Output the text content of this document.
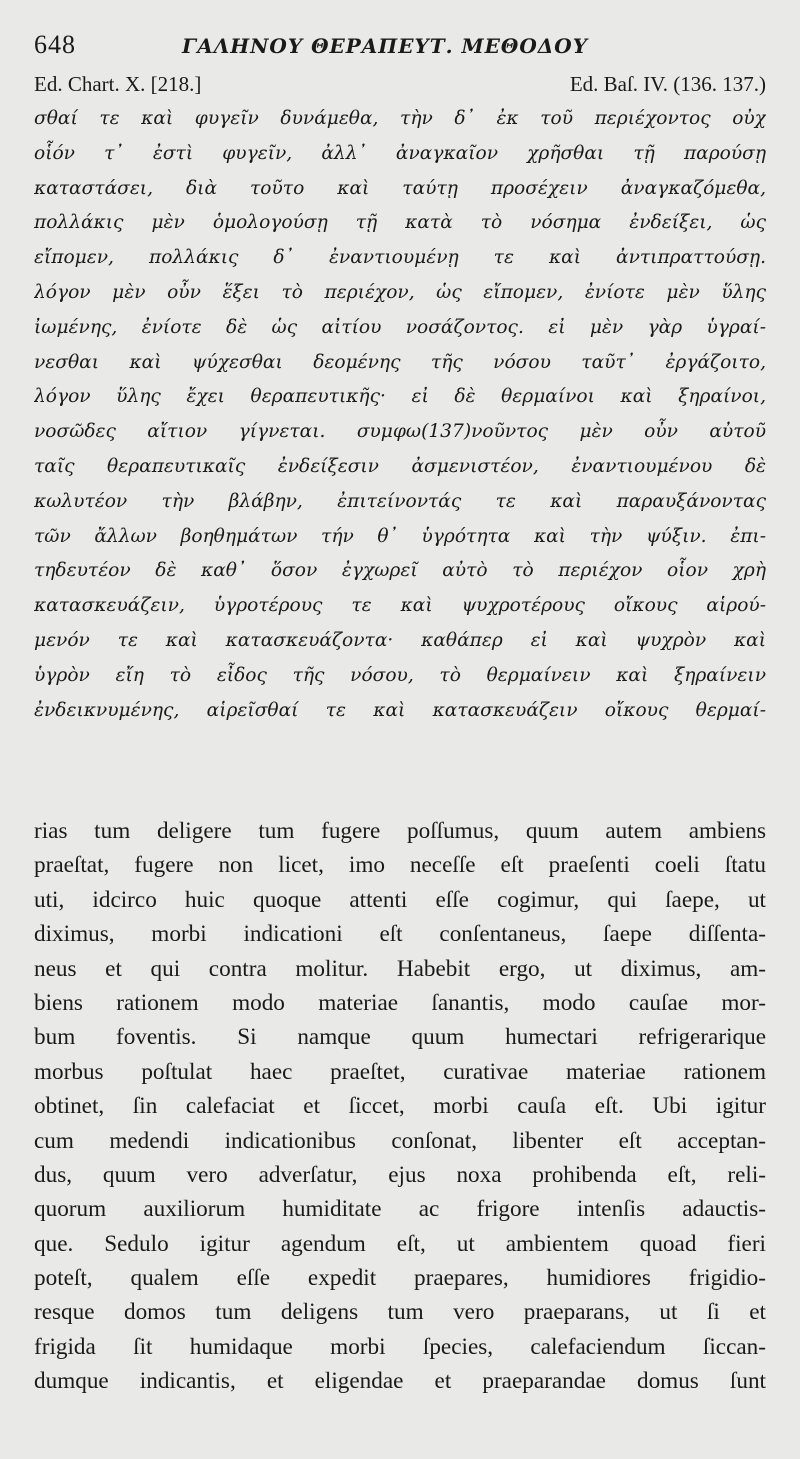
648	ΓΑΛΗΝΟΥ ΘΕΡΑΠΕΥΤ. ΜΕΘΟΔΟΥ
Ed. Chart. X. [218.]	Ed. Baſ. IV. (136. 137.)
σθαί τε καὶ φυγεῖν δυνάμεθα, τὴν δ᾽ ἐκ τοῦ περιέχοντος οὐχ
οἷόν τ᾽ ἐστὶ φυγεῖν, ἀλλ᾽ ἀναγκαῖον χρῆσθαι τῇ παρούσῃ
καταστάσει, διὰ τοῦτο καὶ ταύτῃ προσέχειν ἀναγκαζόμεθα,
πολλάκις μὲν ὁμολογούσῃ τῇ κατὰ τὸ νόσημα ἐνδείξει, ὡς
εἴπομεν, πολλάκις δ᾽ ἐναντιουμένῃ τε καὶ ἀντιπραττούσῃ.
λόγον μὲν οὖν ἕξει τὸ περιέχον, ὡς εἴπομεν, ἐνίοτε μὲν ὕλης
ἰωμένης, ἐνίοτε δὲ ὡς αἰτίου νοσάζοντος. εἰ μὲν γὰρ ὑγραί-
νεσθαι καὶ ψύχεσθαι δεομένης τῆς νόσου ταῦτ᾽ ἐργάζοιτο,
λόγον ὕλης ἔχει θεραπευτικῆς· εἰ δὲ θερμαίνοι καὶ ξηραίνοι,
νοσῶδες αἴτιον γίγνεται. συμφω(137)νοῦντος μὲν οὖν αὐτοῦ
ταῖς θεραπευτικαῖς ἐνδείξεσιν ἀσμενιστέον, ἐναντιουμένου δὲ
κωλυτέον τὴν βλάβην, ἐπιτείνοντάς τε καὶ παραυξάνοντας
τῶν ἄλλων βοηθημάτων τήν θ᾽ ὑγρότητα καὶ τὴν ψύξιν. ἐπι-
τηδευτέον δὲ καθ᾽ ὅσον ἐγχωρεῖ αὐτὸ τὸ περιέχον οἷον χρὴ
κατασκευάζειν, ὑγροτέρους τε καὶ ψυχροτέρους οἴκους αἱρού-
μενόν τε καὶ κατασκευάζοντα· καθάπερ εἰ καὶ ψυχρὸν καὶ
ὑγρὸν εἴη τὸ εἶδος τῆς νόσου, τὸ θερμαίνειν καὶ ξηραίνειν
ἐνδεικνυμένης, αἱρεῖσθαί τε καὶ κατασκευάζειν οἴκους θερμαί-
rias tum deligere tum fugere poſſumus, quum autem ambiens
praeſtat, fugere non licet, imo neceſſe eſt praeſenti coeli ſtatu
uti, idcirco huic quoque attenti eſſe cogimur, qui ſaepe, ut
diximus, morbi indicationi eſt conſentaneus, ſaepe diſſenta-
neus et qui contra molitur. Habebit ergo, ut diximus, am-
biens rationem modo materiae ſanantis, modo cauſae mor-
bum foventis. Si namque quum humectari refrigerarique
morbus poſtulat haec praeſtet, curativae materiae rationem
obtinet, ſin calefaciat et ſiccet, morbi cauſa eſt. Ubi igitur
cum medendi indicationibus conſonat, libenter eſt acceptan-
dus, quum vero adverſatur, ejus noxa prohibenda eſt, reli-
quorum auxiliorum humiditate ac frigore intenſis adauctis-
que. Sedulo igitur agendum eſt, ut ambientem quoad fieri
poteſt, qualem eſſe expedit praepares, humidiores frigidio-
resque domos tum deligens tum vero praeparans, ut ſi et
frigida ſit humidaque morbi ſpecies, calefaciendum ſiccan-
dumque indicantis, et eligendae et praeparandae domus ſunt
